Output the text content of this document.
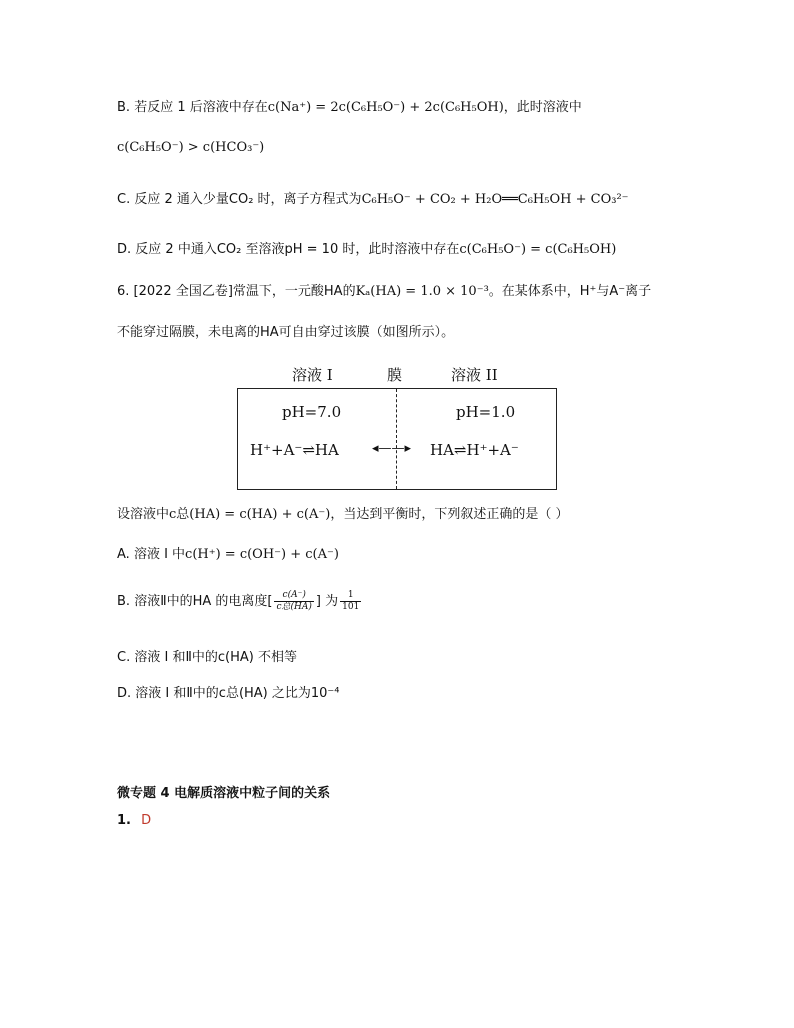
B. 若反应 1 后溶液中存在c(Na⁺) = 2c(C₆H₅O⁻) + 2c(C₆H₅OH)，此时溶液中
c(C₆H₅O⁻) > c(HCO₃⁻)
C. 反应 2 通入少量CO₂ 时，离子方程式为C₆H₅O⁻ + CO₂ + H₂O══C₆H₅OH + CO₃²⁻
D. 反应 2 中通入CO₂ 至溶液pH = 10 时，此时溶液中存在c(C₆H₅O⁻) = c(C₆H₅OH)
6. [2022 全国乙卷]常温下，一元酸HA的Kₐ(HA) = 1.0 × 10⁻³。在某体系中，H⁺与A⁻离子
不能穿过隔膜，未电离的HA可自由穿过该膜（如图所示）。
溶液 I	膜	溶液 II
pH=7.0	pH=1.0
H⁺+A⁻⇌HA	◂——▸ HA⇌H⁺+A⁻
设溶液中c总(HA) = c(HA) + c(A⁻)，当达到平衡时，下列叙述正确的是（ ）
A. 溶液 I 中c(H⁺) = c(OH⁻) + c(A⁻)
B. 溶液Ⅱ中的HA 的电离度[ $\frac{c(A^-)}{\text{c总(HA)}}$ ] 为 $\frac{1}{101}$
C. 溶液 I 和Ⅱ中的c(HA) 不相等
D. 溶液 I 和Ⅱ中的c总(HA) 之比为10⁻⁴
微专题 4 电解质溶液中粒子间的关系
1. D
